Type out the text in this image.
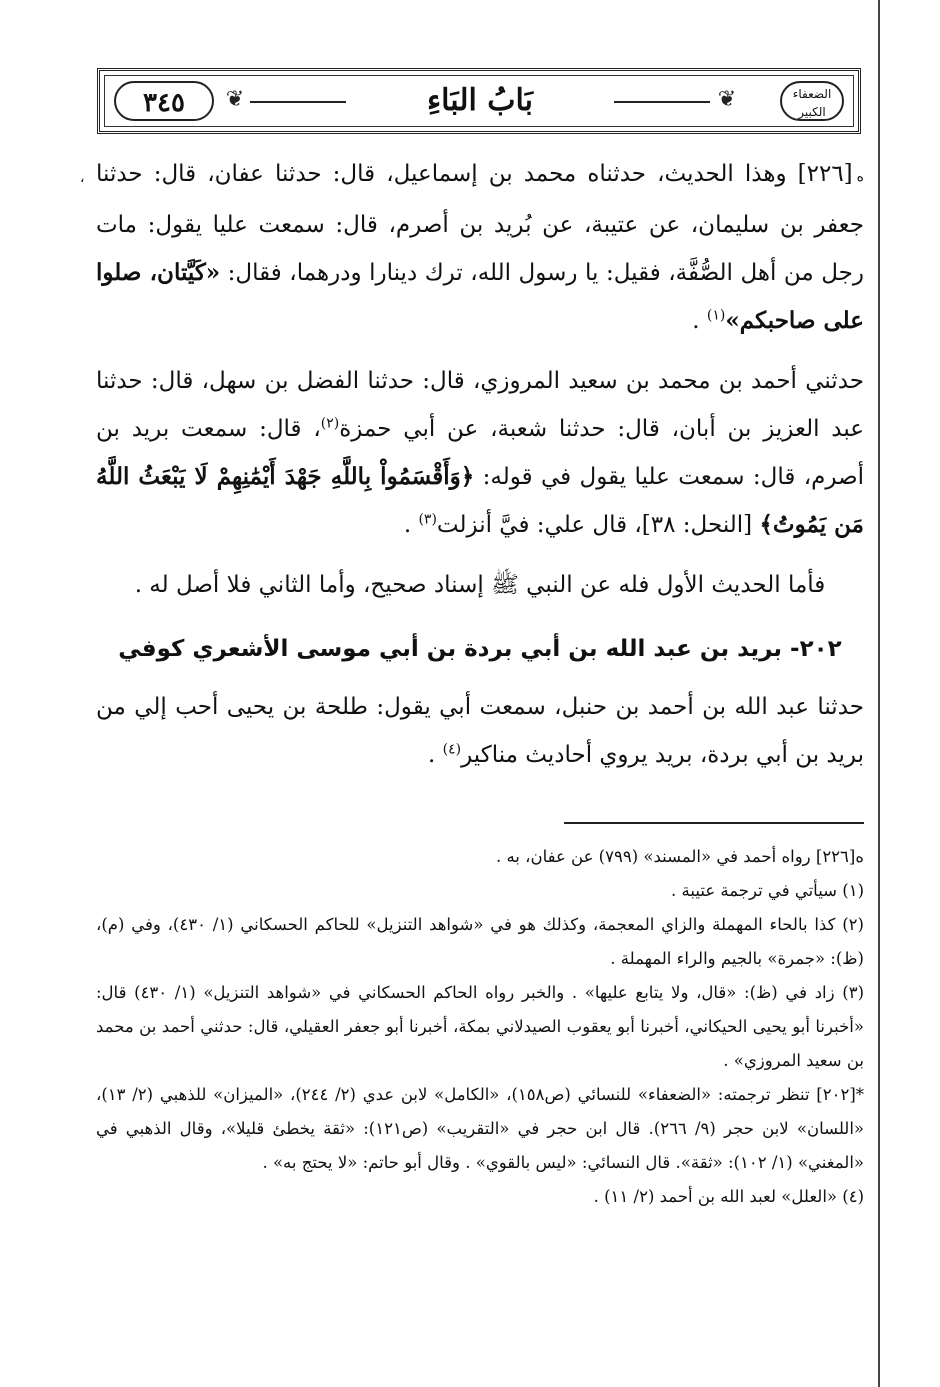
٣٤٥	❦	بَابُ البَاءِ	❦	الضعفاء الكبير
،	ه[٢٢٦] وهذا الحديث، حدثناه محمد بن إسماعيل، قال: حدثنا عفان، قال: حدثنا جعفر بن سليمان، عن عتيبة، عن بُريد بن أصرم، قال: سمعت عليا يقول: مات رجل من أهل الصُّفَّة، فقيل: يا رسول الله، ترك دينارا ودرهما، فقال: «كَيَّتان، صلوا على صاحبكم»$^{(١)}$ .

حدثني أحمد بن محمد بن سعيد المروزي، قال: حدثنا الفضل بن سهل، قال: حدثنا عبد العزيز بن أبان، قال: حدثنا شعبة، عن أبي حمزة$^{(٢)}$، قال: سمعت بريد بن أصرم، قال: سمعت عليا يقول في قوله: ﴿وَأَقْسَمُواْ بِاللَّهِ جَهْدَ أَيْمَٰنِهِمْ لَا يَبْعَثُ اللَّهُ مَن يَمُوتُ﴾ [النحل: ٣٨]، قال علي: فيَّ أنزلت$^{(٣)}$ .

فأما الحديث الأول فله عن النبي ﷺ إسناد صحيح، وأما الثاني فلا أصل له .

٢٠٢- بريد بن عبد الله بن أبي بردة بن أبي موسى الأشعري كوفي

حدثنا عبد الله بن أحمد بن حنبل، سمعت أبي يقول: طلحة بن يحيى أحب إلي من بريد بن أبي بردة، بريد يروي أحاديث مناكير$^{(٤)}$ .

ه[٢٢٦] رواه أحمد في «المسند» (٧٩٩) عن عفان، به .

(١) سيأتي في ترجمة عتيبة .

(٢) كذا بالحاء المهملة والزاي المعجمة، وكذلك هو في «شواهد التنزيل» للحاكم الحسكاني (١/ ٤٣٠)، وفي (م)، (ظ): «جمرة» بالجيم والراء المهملة .

(٣) زاد في (ظ): «قال، ولا يتابع عليها» . والخبر رواه الحاكم الحسكاني في «شواهد التنزيل» (١/ ٤٣٠) قال: «أخبرنا أبو يحيى الحيكاني، أخبرنا أبو يعقوب الصيدلاني بمكة، أخبرنا أبو جعفر العقيلي، قال: حدثني أحمد بن محمد بن سعيد المروزي» .

*[٢٠٢] تنظر ترجمته: «الضعفاء» للنسائي (ص١٥٨)، «الكامل» لابن عدي (٢/ ٢٤٤)، «الميزان» للذهبي (٢/ ١٣)، «اللسان» لابن حجر (٩/ ٢٦٦). قال ابن حجر في «التقريب» (ص١٢١): «ثقة يخطئ قليلا»، وقال الذهبي في «المغني» (١/ ١٠٢): «ثقة». قال النسائي: «ليس بالقوي» . وقال أبو حاتم: «لا يحتج به» .

(٤) «العلل» لعبد الله بن أحمد (٢/ ١١) .
